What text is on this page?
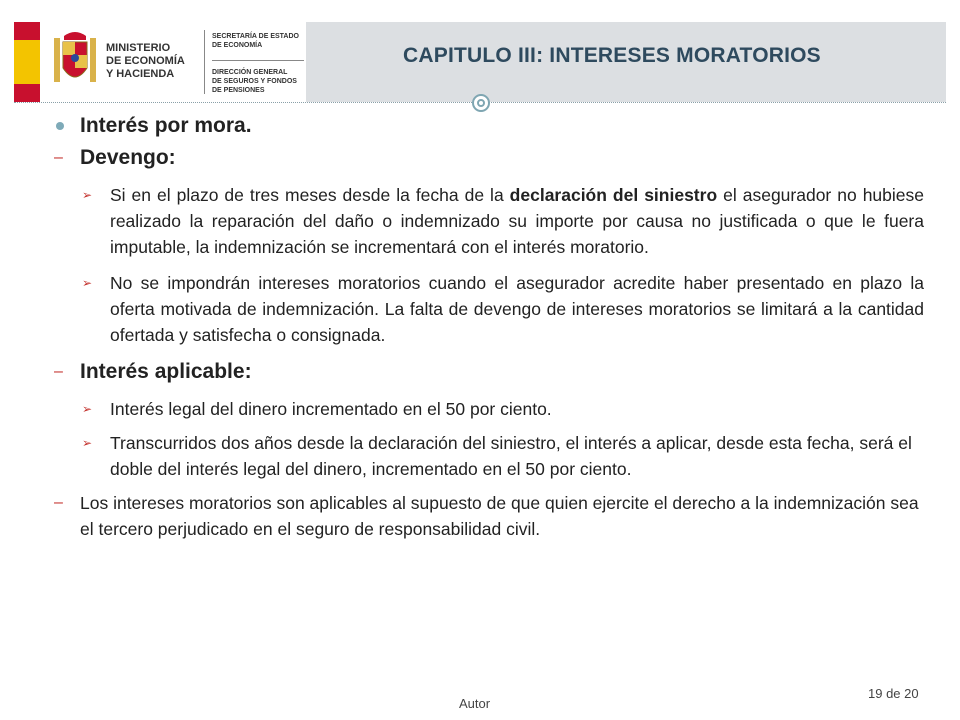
MINISTERIO
DE ECONOMÍA
Y HACIENDA
SECRETARÍA DE ESTADO
DE ECONOMÍA
DIRECCIÓN GENERAL
DE SEGUROS Y FONDOS
DE PENSIONES
CAPITULO III: INTERESES MORATORIOS

Interés por mora.

– Devengo:

➢ Si en el plazo de tres meses desde la fecha de la declaración del siniestro el asegurador no hubiese realizado la reparación del daño o indemnizado su importe por causa no justificada o que le fuera imputable, la indemnización se incrementará con el interés moratorio.

➢ No se impondrán intereses moratorios cuando el asegurador acredite haber presentado en plazo la oferta motivada de indemnización. La falta de devengo de intereses moratorios se limitará a la cantidad ofertada y satisfecha o consignada.

– Interés aplicable:

➢ Interés legal del dinero incrementado en el 50 por ciento.

➢ Transcurridos dos años desde la declaración del siniestro, el interés a aplicar, desde esta fecha, será el doble del interés legal del dinero, incrementado en el 50 por ciento.

– Los intereses moratorios son aplicables al supuesto de que quien ejercite el derecho a la indemnización sea el tercero perjudicado en el seguro de responsabilidad civil.

Autor
19 de 20
